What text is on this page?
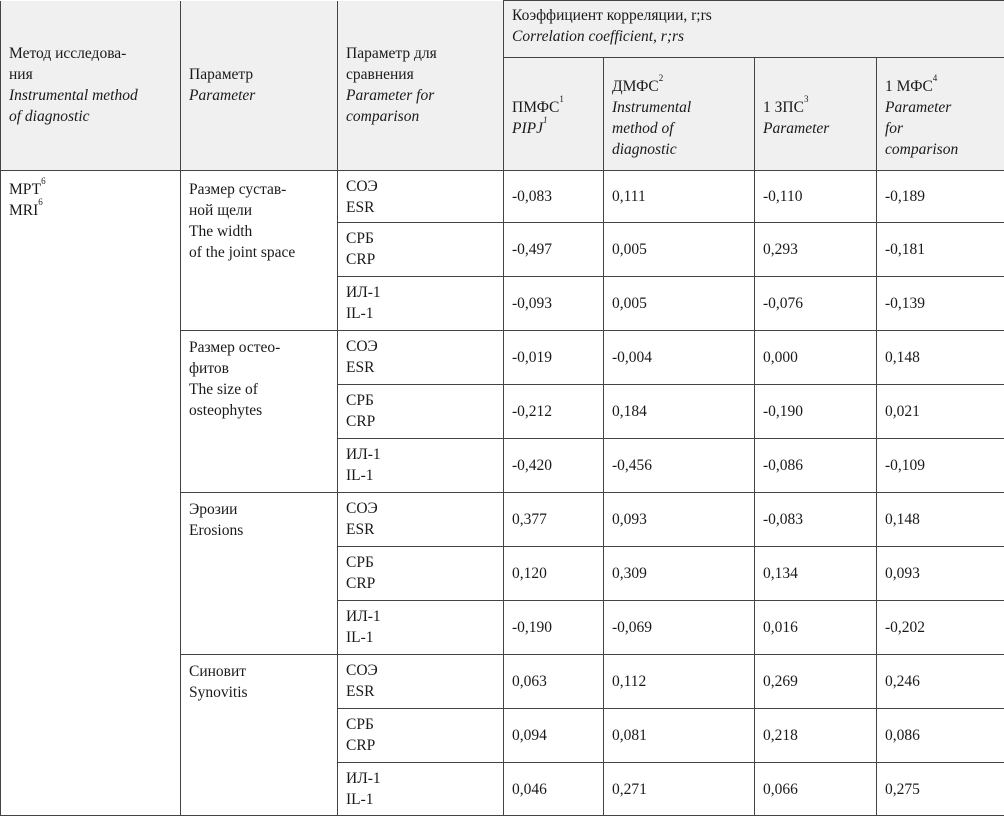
Метод исследова-
ния
Instrumental method
of diagnostic	Параметр
Parameter	Параметр для
сравнения
Parameter for
comparison	Коэффициент корреляции, r;rs
Correlation coefficient, r;rs			

			ПМФС$^1$
PIPJ$^1$	ДМФС$^2$
Instrumental
method of
diagnostic	1 ЗПС$^3$
Parameter	1 МФС$^4$
Parameter
for
comparison

МРТ$^6$
MRI$^6$	Размер сустав-
ной щели
The width
of the joint space	СОЭ
ESR	-0,083	0,111	-0,110	-0,189

		СРБ
CRP	-0,497	0,005	0,293	-0,181

		ИЛ-1
IL-1	-0,093	0,005	-0,076	-0,139
	Размер остео-
фитов
The size of
osteophytes	СОЭ
ESR	-0,019	-0,004	0,000	0,148

		СРБ
CRP	-0,212	0,184	-0,190	0,021

		ИЛ-1
IL-1	-0,420	-0,456	-0,086	-0,109
	Эрозии
Erosions	СОЭ
ESR	0,377	0,093	-0,083	0,148

		СРБ
CRP	0,120	0,309	0,134	0,093

		ИЛ-1
IL-1	-0,190	-0,069	0,016	-0,202
	Синовит
Synovitis	СОЭ
ESR	0,063	0,112	0,269	0,246

		СРБ
CRP	0,094	0,081	0,218	0,086

		ИЛ-1
IL-1	0,046	0,271	0,066	0,275
